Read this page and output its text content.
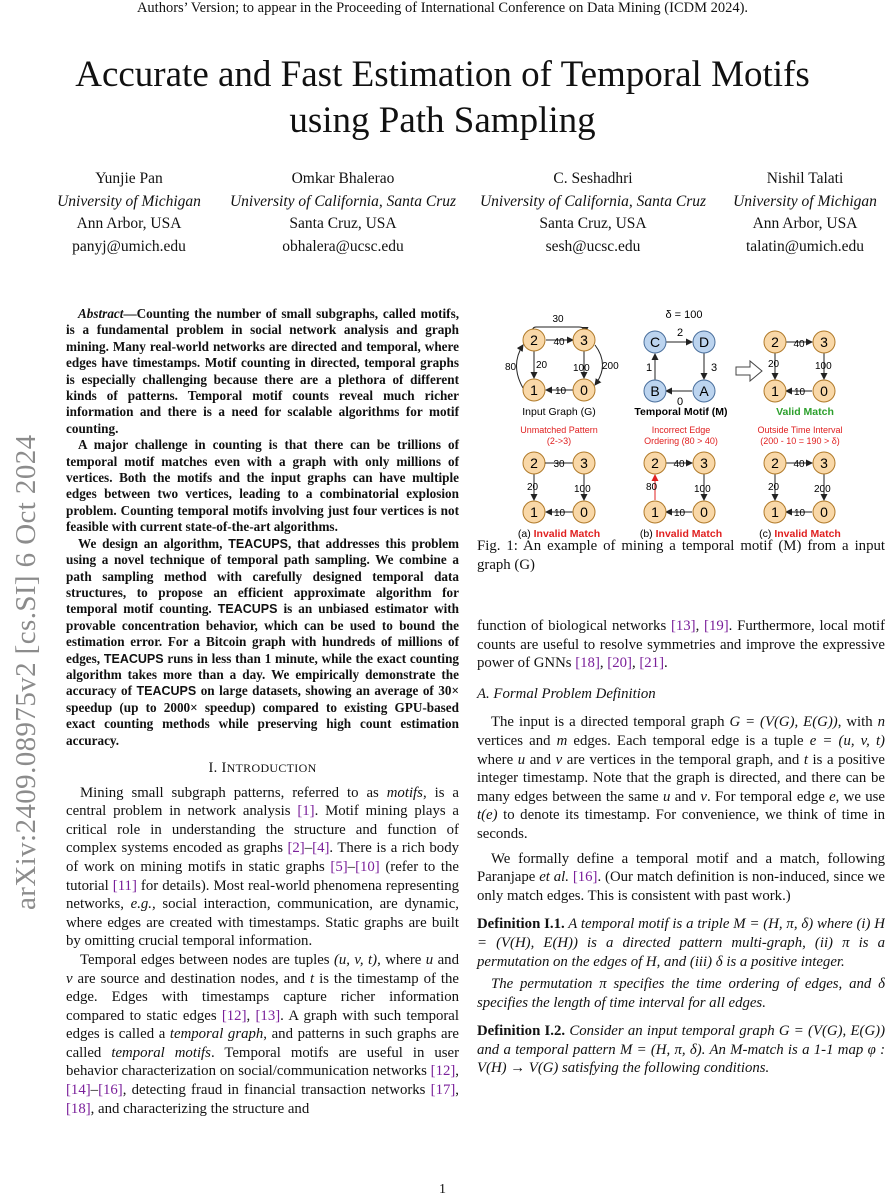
Authors’ Version; to appear in the Proceeding of International Conference on Data Mining (ICDM 2024).
Accurate and Fast Estimation of Temporal Motifs
using Path Sampling
Yunjie Pan
University of Michigan
Ann Arbor, USA
panyj@umich.edu
Omkar Bhalerao
University of California, Santa Cruz
Santa Cruz, USA
obhalera@ucsc.edu
C. Seshadhri
University of California, Santa Cruz
Santa Cruz, USA
sesh@ucsc.edu
Nishil Talati
University of Michigan
Ann Arbor, USA
talatin@umich.edu
arXiv:2409.08975v2 [cs.SI] 6 Oct 2024

Abstract—Counting the number of small subgraphs, called motifs, is a fundamental problem in social network analysis and graph mining. Many real-world networks are directed and temporal, where edges have timestamps. Motif counting in directed, temporal graphs is especially challenging because there are a plethora of different kinds of patterns. Temporal motif counts reveal much richer information and there is a need for scalable algorithms for motif counting.

A major challenge in counting is that there can be trillions of temporal motif matches even with a graph with only millions of vertices. Both the motifs and the input graphs can have multiple edges between two vertices, leading to a combinatorial explosion problem. Counting temporal motifs involving just four vertices is not feasible with current state-of-the-art algorithms.

We design an algorithm, TEACUPS, that addresses this problem using a novel technique of temporal path sampling. We combine a path sampling method with carefully designed temporal data structures, to propose an efficient approximate algorithm for temporal motif counting. TEACUPS is an unbiased estimator with provable concentration behavior, which can be used to bound the estimation error. For a Bitcoin graph with hundreds of millions of edges, TEACUPS runs in less than 1 minute, while the exact counting algorithm takes more than a day. We empirically demonstrate the accuracy of TEACUPS on large datasets, showing an average of 30× speedup (up to 2000× speedup) compared to existing GPU-based exact counting methods while preserving high count estimation accuracy.

I. INTRODUCTION

Mining small subgraph patterns, referred to as motifs, is a central problem in network analysis [1]. Motif mining plays a critical role in understanding the structure and function of complex systems encoded as graphs [2]–[4]. There is a rich body of work on mining motifs in static graphs [5]–[10] (refer to the tutorial [11] for details). Most real-world phenomena representing networks, e.g., social interaction, communication, are dynamic, where edges are created with timestamps. Static graphs are built by omitting crucial temporal information.

Temporal edges between nodes are tuples (u, v, t), where u and v are source and destination nodes, and t is the timestamp of the edge. Edges with timestamps capture richer information compared to static edges [12], [13]. A graph with such temporal edges is called a temporal graph, and patterns in such graphs are called temporal motifs. Temporal motifs are useful in user behavior characterization on social/communication networks [12], [14]–[16], detecting fraud in financial transaction networks [17], [18], and characterizing the structure and

δ = 100
30
40
20	100
10
80	200
2	3
1	0
Input Graph (G)
2
3
0
1
C	D
B	A
Temporal Motif (M)
40
20	100
10
2	3
1	0
Valid Match
Unmatched Pattern
(2->3)
30
20	100
10
2	3
1	0
(a) Invalid Match
Incorrect Edge
Ordering (80 > 40)
40
80	100
10
2	3
1	0
(b) Invalid Match
Outside Time Interval
(200 - 10 = 190 > δ)
40
20	200
10
2	3
1	0
(c) Invalid Match
Fig. 1: An example of mining a temporal motif (M) from a input graph (G)

function of biological networks [13], [19]. Furthermore, local motif counts are useful to resolve symmetries and improve the expressive power of GNNs [18], [20], [21].

A. Formal Problem Definition

The input is a directed temporal graph G = (V(G), E(G)), with n vertices and m edges. Each temporal edge is a tuple e = (u, v, t) where u and v are vertices in the temporal graph, and t is a positive integer timestamp. Note that the graph is directed, and there can be many edges between the same u and v. For temporal edge e, we use t(e) to denote its timestamp. For convenience, we think of time in seconds.

We formally define a temporal motif and a match, following Paranjape et al. [16]. (Our match definition is non-induced, since we only match edges. This is consistent with past work.)

Definition I.1. A temporal motif is a triple M = (H, π, δ) where (i) H = (V(H), E(H)) is a directed pattern multi-graph, (ii) π is a permutation on the edges of H, and (iii) δ is a positive integer.

The permutation π specifies the time ordering of edges, and δ specifies the length of time interval for all edges.

Definition I.2. Consider an input temporal graph G = (V(G), E(G)) and a temporal pattern M = (H, π, δ). An M-match is a 1-1 map φ : V(H) → V(G) satisfying the following conditions.

1
